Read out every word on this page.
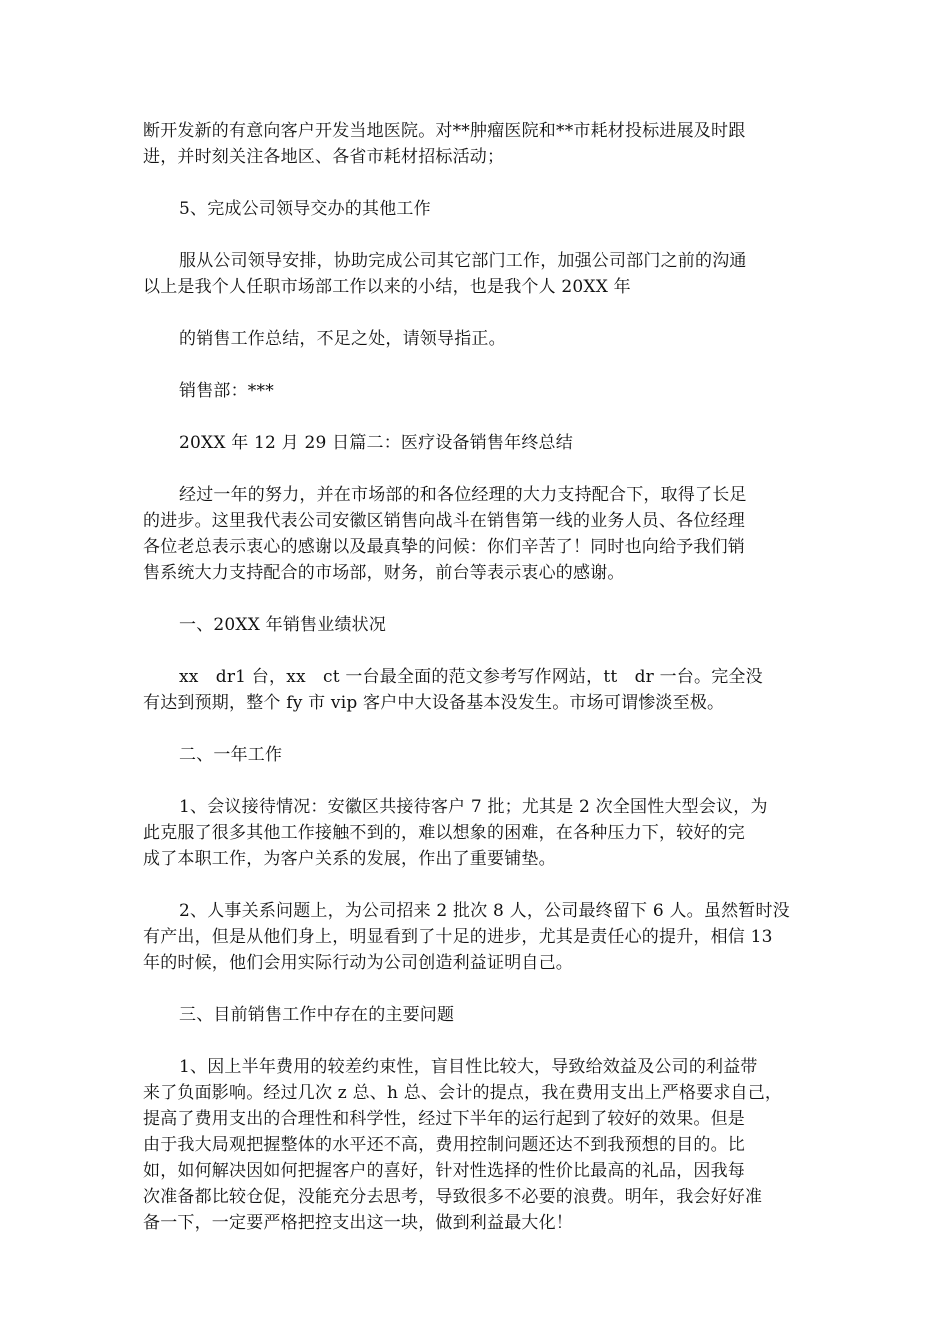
断开发新的有意向客户开发当地医院。对**肿瘤医院和**市耗材投标进展及时跟
进，并时刻关注各地区、各省市耗材招标活动；

5、完成公司领导交办的其他工作

服从公司领导安排，协助完成公司其它部门工作，加强公司部门之前的沟通
以上是我个人任职市场部工作以来的小结，也是我个人 20XX 年

的销售工作总结，不足之处，请领导指正。

销售部：***

20XX 年 12 月 29 日篇二：医疗设备销售年终总结

经过一年的努力，并在市场部的和各位经理的大力支持配合下，取得了长足
的进步。这里我代表公司安徽区销售向战斗在销售第一线的业务人员、各位经理
各位老总表示衷心的感谢以及最真挚的问候：你们辛苦了！同时也向给予我们销
售系统大力支持配合的市场部，财务，前台等表示衷心的感谢。

一、20XX 年销售业绩状况

xx　dr1 台，xx　ct 一台最全面的范文参考写作网站，tt　dr 一台。完全没
有达到预期，整个 fy 市 vip 客户中大设备基本没发生。市场可谓惨淡至极。

二、一年工作

1、会议接待情况：安徽区共接待客户 7 批；尤其是 2 次全国性大型会议，为
此克服了很多其他工作接触不到的，难以想象的困难，在各种压力下，较好的完
成了本职工作，为客户关系的发展，作出了重要铺垫。

2、人事关系问题上，为公司招来 2 批次 8 人，公司最终留下 6 人。虽然暂时没
有产出，但是从他们身上，明显看到了十足的进步，尤其是责任心的提升，相信 13
年的时候，他们会用实际行动为公司创造利益证明自己。

三、目前销售工作中存在的主要问题

1、因上半年费用的较差约束性，盲目性比较大，导致给效益及公司的利益带
来了负面影响。经过几次 z 总、h 总、会计的提点，我在费用支出上严格要求自己，
提高了费用支出的合理性和科学性，经过下半年的运行起到了较好的效果。但是
由于我大局观把握整体的水平还不高，费用控制问题还达不到我预想的目的。比
如，如何解决因如何把握客户的喜好，针对性选择的性价比最高的礼品，因我每
次准备都比较仓促，没能充分去思考，导致很多不必要的浪费。明年，我会好好准
备一下，一定要严格把控支出这一块，做到利益最大化！
